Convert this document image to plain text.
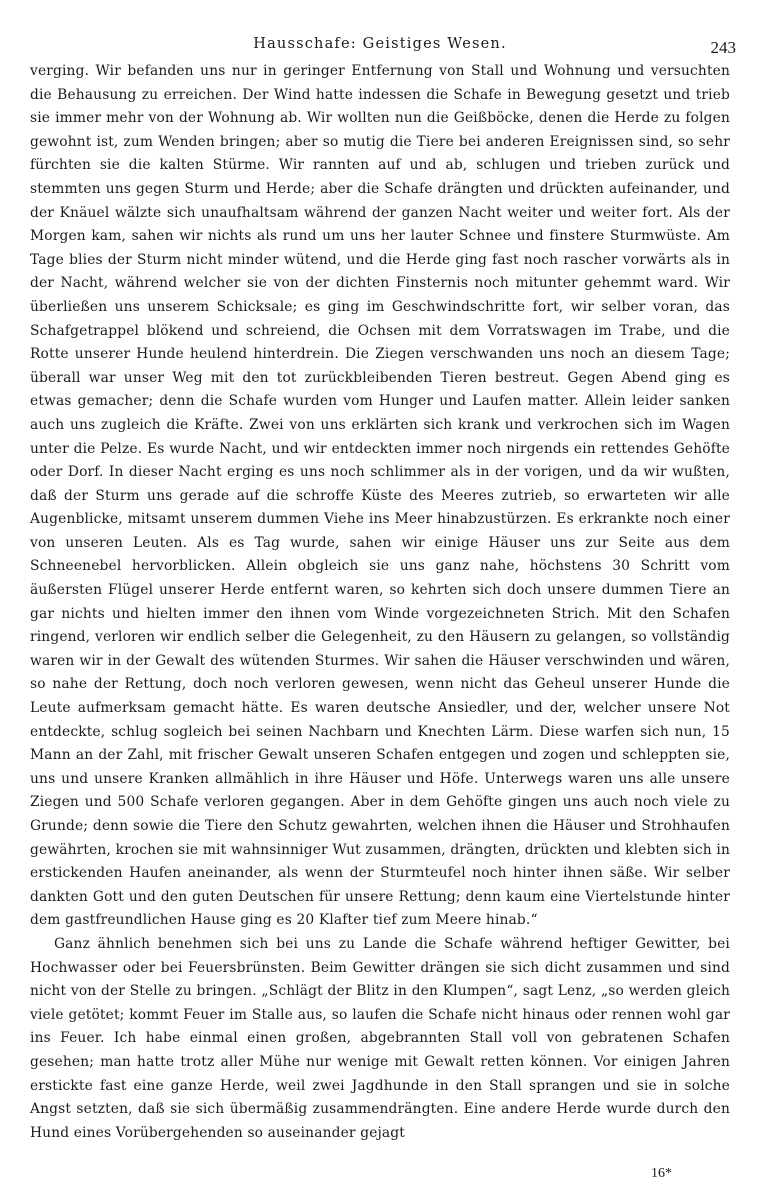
Hausschafe: Geistiges Wesen.	243

verging. Wir befanden uns nur in geringer Entfernung von Stall und Wohnung und versuchten die Behausung zu erreichen. Der Wind hatte indessen die Schafe in Bewegung gesetzt und trieb sie immer mehr von der Wohnung ab. Wir wollten nun die Geißböcke, denen die Herde zu folgen gewohnt ist, zum Wenden bringen; aber so mutig die Tiere bei anderen Ereignissen sind, so sehr fürchten sie die kalten Stürme. Wir rannten auf und ab, schlugen und trieben zurück und stemmten uns gegen Sturm und Herde; aber die Schafe drängten und drückten aufeinander, und der Knäuel wälzte sich unaufhaltsam während der ganzen Nacht weiter und weiter fort. Als der Morgen kam, sahen wir nichts als rund um uns her lauter Schnee und finstere Sturmwüste. Am Tage blies der Sturm nicht minder wütend, und die Herde ging fast noch rascher vorwärts als in der Nacht, während welcher sie von der dichten Finsternis noch mitunter gehemmt ward. Wir überließen uns unserem Schicksale; es ging im Geschwindschritte fort, wir selber voran, das Schafgetrappel blökend und schreiend, die Ochsen mit dem Vorratswagen im Trabe, und die Rotte unserer Hunde heulend hinterdrein. Die Ziegen verschwanden uns noch an diesem Tage; überall war unser Weg mit den tot zurückbleibenden Tieren bestreut. Gegen Abend ging es etwas gemacher; denn die Schafe wurden vom Hunger und Laufen matter. Allein leider sanken auch uns zugleich die Kräfte. Zwei von uns erklärten sich krank und verkrochen sich im Wagen unter die Pelze. Es wurde Nacht, und wir entdeckten immer noch nirgends ein rettendes Gehöfte oder Dorf. In dieser Nacht erging es uns noch schlimmer als in der vorigen, und da wir wußten, daß der Sturm uns gerade auf die schroffe Küste des Meeres zutrieb, so erwarteten wir alle Augenblicke, mitsamt unserem dummen Viehe ins Meer hinabzustürzen. Es erkrankte noch einer von unseren Leuten. Als es Tag wurde, sahen wir einige Häuser uns zur Seite aus dem Schneenebel hervorblicken. Allein obgleich sie uns ganz nahe, höchstens 30 Schritt vom äußersten Flügel unserer Herde entfernt waren, so kehrten sich doch unsere dummen Tiere an gar nichts und hielten immer den ihnen vom Winde vorgezeichneten Strich. Mit den Schafen ringend, verloren wir endlich selber die Gelegenheit, zu den Häusern zu gelangen, so vollständig waren wir in der Gewalt des wütenden Sturmes. Wir sahen die Häuser verschwinden und wären, so nahe der Rettung, doch noch verloren gewesen, wenn nicht das Geheul unserer Hunde die Leute aufmerksam gemacht hätte. Es waren deutsche Ansiedler, und der, welcher unsere Not entdeckte, schlug sogleich bei seinen Nachbarn und Knechten Lärm. Diese warfen sich nun, 15 Mann an der Zahl, mit frischer Gewalt unseren Schafen entgegen und zogen und schleppten sie, uns und unsere Kranken allmählich in ihre Häuser und Höfe. Unterwegs waren uns alle unsere Ziegen und 500 Schafe verloren gegangen. Aber in dem Gehöfte gingen uns auch noch viele zu Grunde; denn sowie die Tiere den Schutz gewahrten, welchen ihnen die Häuser und Strohhaufen gewährten, krochen sie mit wahnsinniger Wut zusammen, drängten, drückten und klebten sich in erstickenden Haufen aneinander, als wenn der Sturmteufel noch hinter ihnen säße. Wir selber dankten Gott und den guten Deutschen für unsere Rettung; denn kaum eine Viertelstunde hinter dem gastfreundlichen Hause ging es 20 Klafter tief zum Meere hinab.“

Ganz ähnlich benehmen sich bei uns zu Lande die Schafe während heftiger Gewitter, bei Hochwasser oder bei Feuersbrünsten. Beim Gewitter drängen sie sich dicht zusammen und sind nicht von der Stelle zu bringen. „Schlägt der Blitz in den Klumpen“, sagt Lenz, „so werden gleich viele getötet; kommt Feuer im Stalle aus, so laufen die Schafe nicht hinaus oder rennen wohl gar ins Feuer. Ich habe einmal einen großen, abgebrannten Stall voll von gebratenen Schafen gesehen; man hatte trotz aller Mühe nur wenige mit Gewalt retten können. Vor einigen Jahren erstickte fast eine ganze Herde, weil zwei Jagdhunde in den Stall sprangen und sie in solche Angst setzten, daß sie sich übermäßig zusammendrängten. Eine andere Herde wurde durch den Hund eines Vorübergehenden so auseinander gejagt

16*
